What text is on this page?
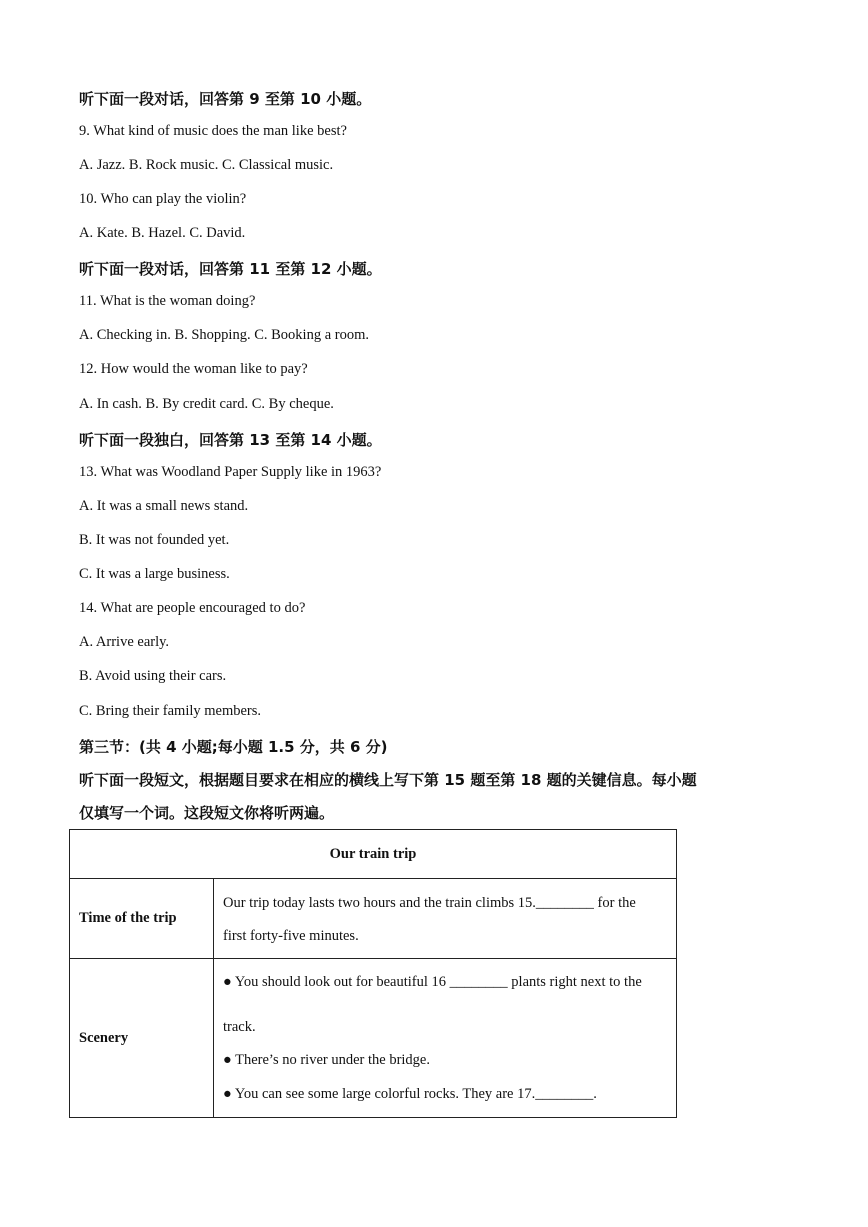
听下面一段对话，回答第 9 至第 10 小题。
9. What kind of music does the man like best?
A. Jazz. B. Rock music. C. Classical music.
10. Who can play the violin?
A. Kate. B. Hazel. C. David.
听下面一段对话，回答第 11 至第 12 小题。
11. What is the woman doing?
A. Checking in. B. Shopping. C. Booking a room.
12. How would the woman like to pay?
A. In cash. B. By credit card. C. By cheque.
听下面一段独白，回答第 13 至第 14 小题。
13. What was Woodland Paper Supply like in 1963?
A. It was a small news stand.
B. It was not founded yet.
C. It was a large business.
14. What are people encouraged to do?
A. Arrive early.
B. Avoid using their cars.
C. Bring their family members.
第三节：(共 4 小题;每小题 1.5 分，共 6 分)
听下面一段短文，根据题目要求在相应的横线上写下第 15 题至第 18 题的关键信息。每小题
仅填写一个词。这段短文你将听两遍。
Our train trip	
Time of the trip	Our trip today lasts two hours and the train climbs 15.________ for the

first forty-five minutes.

Scenery	● You should look out for beautiful 16 ________ plants right next to the

track.

● There’s no river under the bridge.

● You can see some large colorful rocks. They are 17.________.
